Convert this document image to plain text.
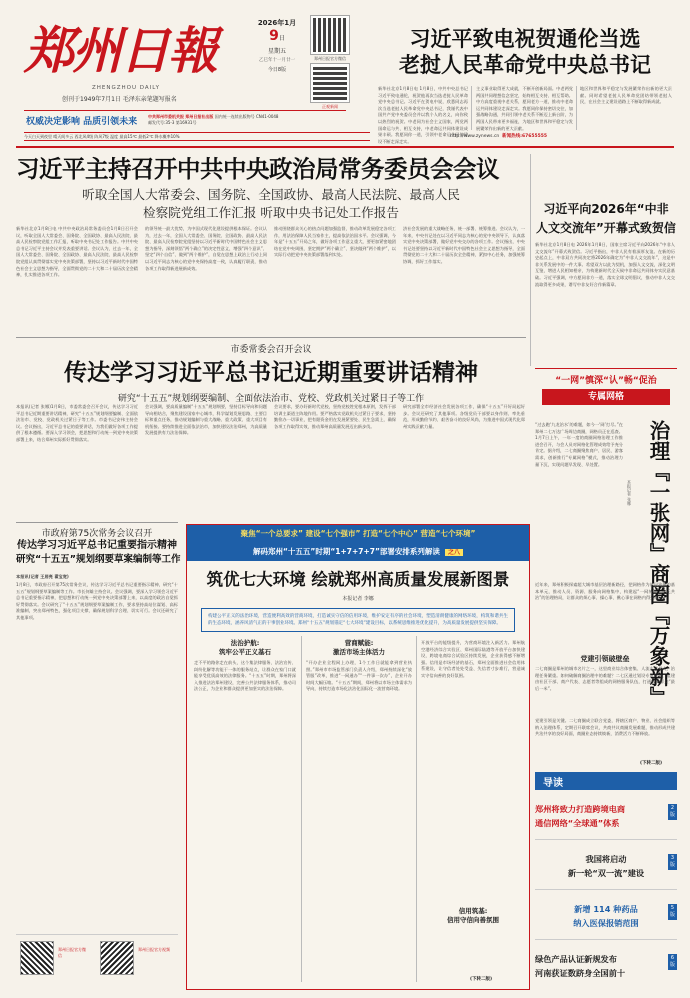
郑州日報
ZHENGZHOU DAILY
创刊于1949年7月1日 毛泽东亲笔题写报名
2026年1月
9日
星期五
乙巳年十一月廿一
今日8版
郑州日报官方微信
正观新闻
权威决定影响 品质引领未来
中共郑州市委机关报 郑州日报社出版 国内统一连续出版物号 CN41-0048
邮发代号:35-3 第16931号
今天白天到夜里 晴天间多云 西北风4级 阵风7级 温度 最高15℃ 最低2℃ 降水概率10%	http://www.zynews.cn 新闻热线:67655555
习近平致电祝贺通伦当选
老挝人民革命党中央总书记
新华社北京1月8日电 1月8日，中共中央总书记习近平致电通伦，祝贺他再次当选老挝人民革命党中央总书记。习近平在贺电中说，欣悉同志再次当选老挝人民革命党中央总书记，我谨代表中国共产党中央委员会并以我个人的名义，向你致以热烈的祝贺。中老同为社会主义国家，两党两国命运与共、相互支持，中老命运共同体建设成果丰硕。我愿同你一道，引领中老命运共同体建设不断走深走实。
主义事业取得更大成就，不断开创新局面。中老两党两国共同理想信念坚定，始终相互支持、相互帮助。中方高度重视中老关系，愿同老方一道，推动中老命运共同体建设走深走实。我愿同你保持密切交往，加强战略沟通，共同引领中老关系不断迈上新台阶，为两国人民带来更多福祉，为地区和世界和平稳定与发展繁荣作出新的更大贡献。
地区和世界和平稳定与发展繁荣作出新的更大贡献。同时希望老挝人民革命党团结带领老挝人民，在社会主义建设道路上不断取得新成就。
习近平主持召开中共中央政治局常务委员会会议
听取全国人大常委会、国务院、全国政协、最高人民法院、最高人民
检察院党组工作汇报 听取中央书记处工作报告
新华社北京1月8日电 中共中央政治局常务委员会1月8日召开会议，听取全国人大常委会、国务院、全国政协、最高人民法院、最高人民检察院党组工作汇报，听取中央书记处工作报告。中共中央总书记习近平主持会议并发表重要讲话。会议认为，过去一年，全国人大常委会、国务院、全国政协、最高人民法院、最高人民检察院党组认真贯彻落实党中央决策部署，坚持以习近平新时代中国特色社会主义思想为指导，全面贯彻党的二十大和二十届历次全会精神，扎实推进各项工作。
的领导统一最大优势，为中国式现代化建设提供根本保证。会议认为，过去一年，全国人大常委会、国务院、全国政协、最高人民法院、最高人民检察院党组坚持以习近平新时代中国特色社会主义思想为指导，深刻领悟“两个确立”的决定性意义，增强“四个意识”、坚定“四个自信”、做到“两个维护”，自觉在思想上政治上行动上同以习近平同志为核心的党中央保持高度一致，认真履行职责，推动各项工作取得新进展新成效。
推动围绕群众关心的热点问题加强监督，推动改革发展稳定各项工作，用法治保障人民当家作主，提高依法治国水平。会议强调，今年是“十五五”开局之年，做好各项工作意义重大，要更加紧密地团结在党中央周围，坚定拥护“两个确立”、坚决做到“两个维护”，以实际行动把党中央决策部署落到实处。
济社会发展的重大战略任务，统一部署、统筹推进。会议认为，一年来，中央书记处在以习近平同志为核心的党中央领导下，认真落实党中央决策部署，做好党中央交办的各项工作。会议指出，中央书记处要坚持以习近平新时代中国特色社会主义思想为指导，全面贯彻党的二十大和二十届历次全会精神，紧扣中心任务，加强统筹协调，抓好工作落实。
习近平向2026年“中非
人文交流年”开幕式致贺信
新华社北京1月8日电 2026年1月8日，国家主席习近平向2026年“中非人文交流年”开幕式致贺信。习近平指出，中非人民有着深厚友谊。在新的历史起点上，中非双方共同决定将2026年确定为“中非人文交流年”，这是中非关系发展中的一件大事。希望双方以此为契机，加强人文交流，深化文明互鉴，增进人民相知相亲，为构建新时代全天候中非命运共同体夯实民意基础。习近平强调，中方愿同非方一道，落实全球文明倡议，推动中非人文交流取得更多成果，谱写中非友好合作新篇章。
市委常委会召开会议
传达学习习近平总书记近期重要讲话精神
研究“十五五”规划纲要编制、全面依法治市、党校、党政机关过紧日子等工作
本报讯(记者 张娜)1月8日，市委常委会召开会议，传达学习习近平总书记近期重要讲话精神，研究“十五五”规划纲要编制、全面依法治市、党校、党政机关过紧日子等工作。市委书记安伟主持会议。会议指出，习近平总书记的重要讲话，为我们做好各项工作提供了根本遵循。要深入学习领会，把思想和行动统一到党中央决策部署上来，结合郑州实际抓好贯彻落实。
会议强调，要高质量编制“十五五”规划纲要，坚持目标导向和问题导向相结合，聚焦建设国家中心城市，科学谋划发展思路、主要目标和重点任务，推动规划编制与重大战略、重大政策、重大项目有机衔接。要持续推进全面依法治市，加快建设法治郑州，为高质量发展提供有力法治保障。
会议要求，要办好新时代党校，坚持党校姓党根本原则，发挥干部培训主渠道主阵地作用。要严格落实党政机关过紧日子要求，坚持勤俭办一切事业，把有限资金用在发展紧要处、民生急需上，确保各项工作取得实效，推动郑州高质量发展迈出新步伐。
研究部署全市经济社会发展各项工作，确保“十五五”开好局起好步。会议还研究了其他事项。各级党员干部要以身作则、率先垂范，形成勤俭节约、艰苦奋斗的良好风尚，为推进中国式现代化郑州实践贡献力量。
“一网”慎深“认”畅“促治
专属网格
治理『一张网』商圈『万象新』
本报记者 张娜
“过去跑‘九龙治水’的难题，如今一‘网’打尽。”在郑州二七万达广场周边商圈，网格员正在巡查。1月7日上午，一年一度的商圈网格治理工作推进会召开，与会人员对网格化管理成效给予充分肯定。据介绍，二七商圈聚焦商户、居民、游客需求，创新推行“专属网格”模式，推动治理力量下沉，实现问题早发现、早处置。
近年来，郑州积极探索超大城市基层治理新路径，把网格作为基层治理的基本单元，推动人员、资源、服务向网格集中，构建起“一网统管、多元共治”的治理格局，让群众的烦心事、操心事、揪心事在网格内得到解决。
党建引领破壁垒
二七商圈是郑州的城市名片之一，这里商业综合体密集、人流车流量大，治理任务繁重。如何破解商圈治理中的难题？二七区通过划设专属网格，组建由社区干部、商户代表、志愿者等组成的网格服务队伍，打通服务群众“最后一米”。
党建引领是关键。二七商圈成立联合党委，将辖区商户、物业、社会组织等纳入治理体系，定期召开联席会议，共商共议商圈发展难题，推动形成共建共治共享的良好局面，商圈业态持续焕新，消费活力不断释放。
(下转二版)
市政府第75次常务会议召开
传达学习习近平总书记重要指示精神
研究“十五五”规划纲要草案编制等工作
本报讯(记者 王居亮 翟宝宽)
1月8日，市政府召开第75次常务会议，传达学习习近平总书记重要指示精神，研究“十五五”规划纲要草案编制等工作。市长何雄主持会议。会议强调，要深入学习领会习近平总书记重要指示精神，把思想和行动统一到党中央决策部署上来，以高度的政治自觉抓好贯彻落实。会议研究了“十五五”规划纲要草案编制工作，要求坚持高站位谋划、高标准编制，突出郑州特色，强化项目支撑，确保规划科学合理、切实可行。会议还研究了其他事项。
郑州日报官方微信
郑州日报官方视频
聚焦“一个总要求” 建设“七个强市” 打造“七个中心” 营造“七个环境”
解码郑州“十五五”时期“1+7+7+7”部署安排系列解读 之八
筑优七大环境 绘就郑州高质量发展新图景
本报记者 李娜
构建公平正义的法治环境，营造便利高效的营商环境，打造诚实守信的信用环境，维护安定有序的社会环境，塑造清朗健康的网络环境，构筑和谐共生的生态环境，涵养风清气正的干事创业环境。郑州“十五五”规划锚定“七大环境”建设目标，以系统思维推进优化提升，为高质量发展提供坚实保障。
法治护航:
筑牢公平正义基石
走不平的路你走在前头，这个集法律服务、法治宣传、纠纷化解等功能于一体的服务站点，让群众在家门口就能享受优质高效的法律服务。“十五五”时期，郑州将深入推进法治郑州建设，完善公共法律服务体系，推动司法公正，为企业和群众提供更加坚实的法治保障。
营商赋能:
激活市场主体活力
“开办企业全程网上办理，1个工作日就能拿到营业执照。”郑州市市场监管部门负责人介绍，郑州持续深化“放管服”改革，推进“一网通办”“一件事一次办”，企业开办时间大幅压缩。“十五五”期间，郑州将以市场主体需求为导向，持续打造市场化法治化国际化一流营商环境。
开放平台的能级提升，为营商环境注入新活力。郑州航空港经济综合实验区、郑州国际陆港等开放平台加快建设，跨境电商综合试验区持续发展，企业获得感不断增强。信用是市场经济的基石，郑州全面推进社会信用体系建设，让守信者处处受益、失信者寸步难行，营造诚实守信向善的良好氛围。
信用筑基:
信用守信向善氛围
(下转二版)
导读
郑州将致力打造跨境电商
通信网络“全球通”体系
2
版
我国将启动
新一轮“双一流”建设
3
版
新增 114 种药品
纳入医保报销范围
5
版
绿色产品认证新规发布
河南获证数跻身全国前十
6
版
